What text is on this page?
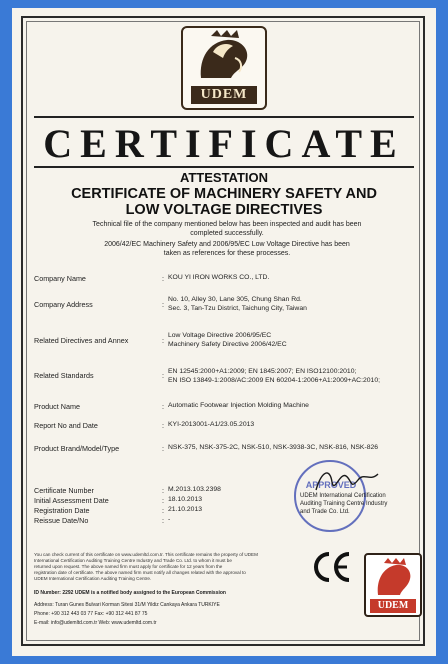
UDEM
CERTIFICATE
ATTESTATION
CERTIFICATE OF MACHINERY SAFETY AND
LOW VOLTAGE DIRECTIVES
Technical file of the company mentioned below has been inspected and audit has been
completed successfully.
2006/42/EC Machinery Safety and 2006/95/EC Low Voltage Directive has been
taken as references for these processes.
Company Name	: KOU YI IRON WORKS CO., LTD.
Company Address	:
No. 10, Alley 30, Lane 305, Chung Shan Rd.
Sec. 3, Tan-Tzu District, Taichung City, Taiwan
Related Directives and Annex	:
Low Voltage Directive 2006/95/EC
Machinery Safety Directive 2006/42/EC
Related Standards	: EN 12545:2000+A1:2009; EN 1845:2007; EN ISO12100:2010;
EN ISO 13849-1:2008/AC:2009 EN 60204-1:2006+A1:2009+AC:2010;
Product Name	: Automatic Footwear Injection Molding Machine
Report No and Date	: KYI-2013001-A1/23.05.2013
Product Brand/Model/Type	: NSK-375, NSK-375-2C, NSK-510, NSK-3938-3C, NSK-816, NSK-826
Certificate Number	: M.2013.103.2398
Initial Assessment Date	: 18.10.2013
Registration Date	: 21.10.2013
Reissue Date/No	: -
APPROVED
UDEM International Certification
Auditing Training Centre Industry
and Trade Co. Ltd.
UDEM
You can check current of this certificate on www.udemltd.com.tr. This certificate remains the property of UDEM
International Certification Auditing Training Centre Industry and Trade Co. Ltd. to whom it must be
returned upon request. The above named firm must apply for certificate for 12 years from the
registration date of certificate. The above named firm must notify all changes related with the approval to
UDEM International Certification Auditing Training Centre.
ID Number: 2292 UDEM is a notified body assigned to the European Commission
Address: Turan Gunes Bulvari Korman Sitesi 31/M Yildiz Cankaya Ankara TURKIYE
Phone: +90 312 443 03 77 Fax: +90 312 441 87 75
E-mail: info@udemltd.com.tr Web: www.udemltd.com.tr
